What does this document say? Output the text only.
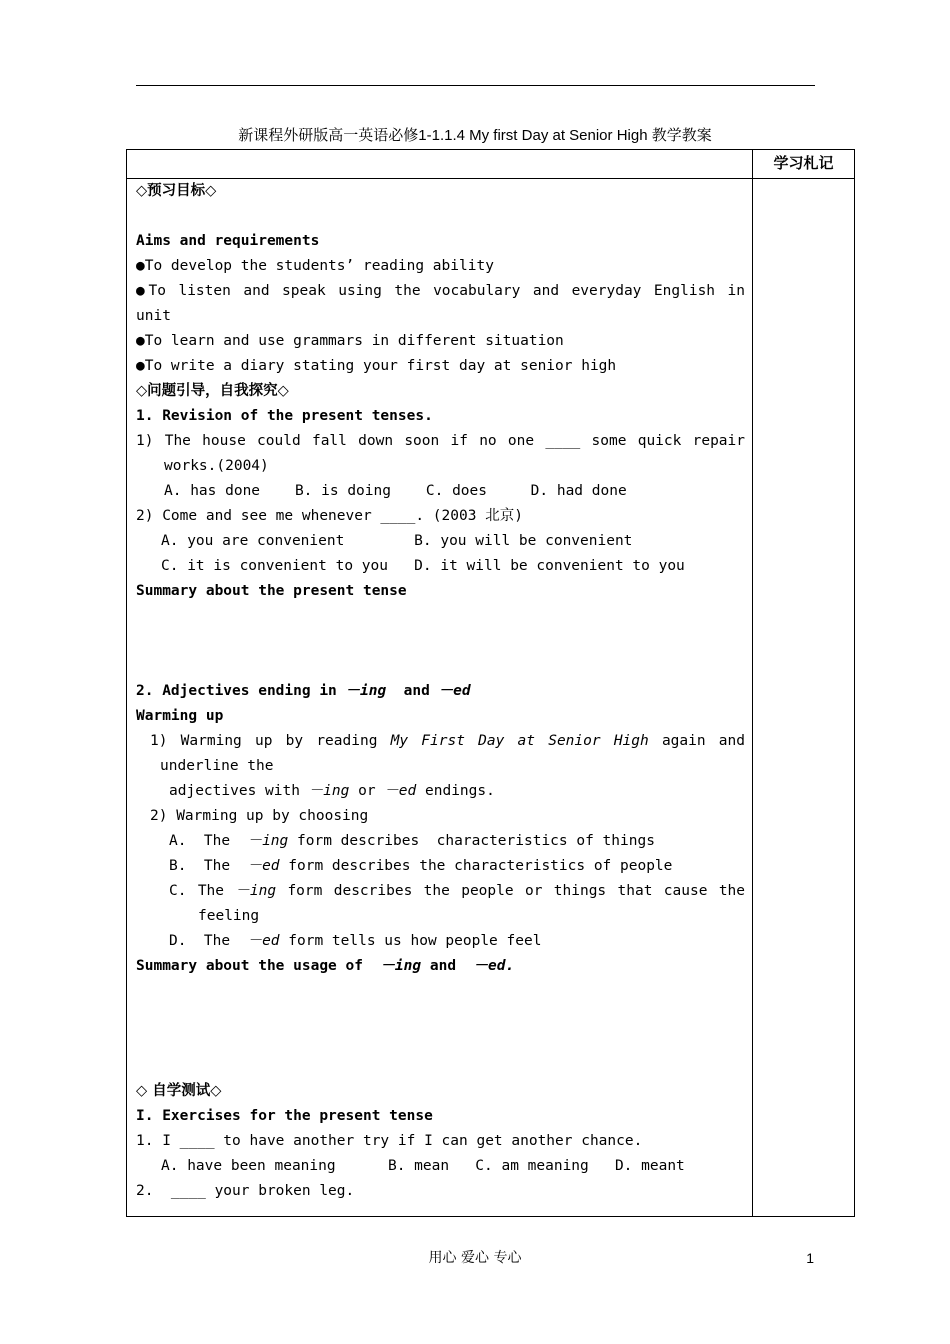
新课程外研版高一英语必修1-1.1.4 My first Day at Senior High 教学教案
学习札记
◇预习目标◇
Aims and requirements
●To develop the students’ reading ability
●To listen and speak using the vocabulary and everyday English in
unit
●To learn and use grammars in different situation
●To write a diary stating your first day at senior high
◇问题引导，自我探究◇
1. Revision of the present tenses.
1) The house could fall down soon if no one ____ some quick repair
works.(2004)
A. has done    B. is doing    C. does     D. had done
2) Come and see me whenever ____. (2003 北京)
A. you are convenient        B. you will be convenient
C. it is convenient to you   D. it will be convenient to you
Summary about the present tense
2. Adjectives ending in －ing  and －ed
Warming up
1) Warming up by reading My First Day at Senior High again and
underline the
adjectives with －ing or －ed endings.
2) Warming up by choosing
A.  The  －ing form describes  characteristics of things
B.  The  －ed form describes the characteristics of people
C. The －ing form describes the people or things that cause the
feeling
D.  The  －ed form tells us how people feel
Summary about the usage of  －ing and  －ed.
◇ 自学测试◇
I. Exercises for the present tense
1. I ____ to have another try if I can get another chance.
A. have been meaning      B. mean   C. am meaning   D. meant
2.  ____ your broken leg.
用心 爱心 专心	1
